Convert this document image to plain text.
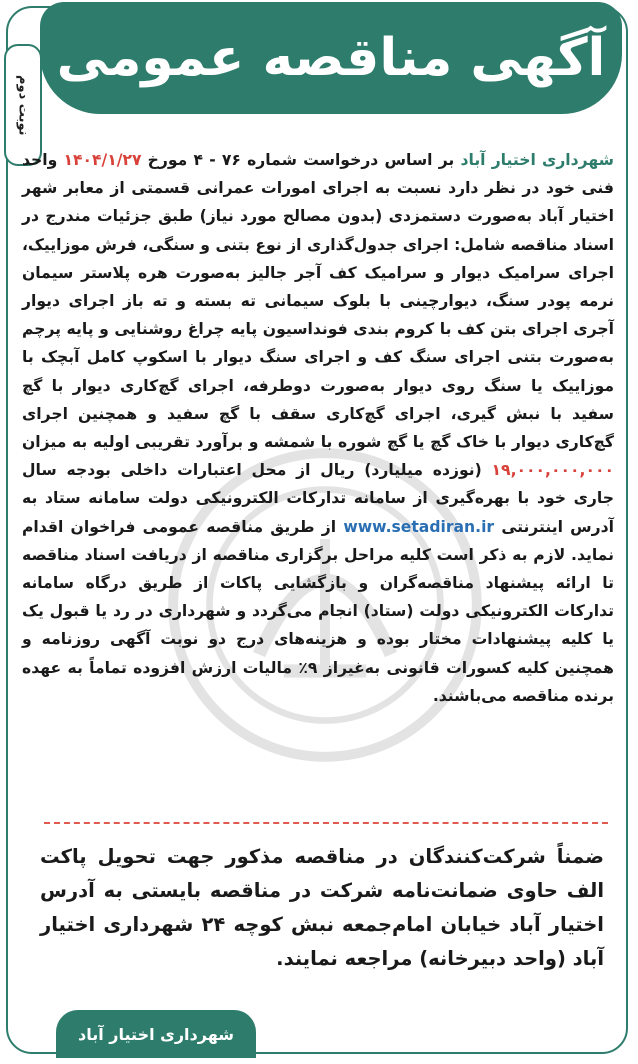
آگهی مناقصه عمومی
نوبت دوم

شهرداری اختیار آباد بر اساس درخواست شماره ۷۶ - ۴ مورخ ۱۴۰۴/۱/۲۷ واحد فنی خود در نظر دارد نسبت به اجرای امورات عمرانی قسمتی از معابر شهر اختیار آباد به‌صورت دستمزدی (بدون مصالح مورد نیاز) طبق جزئیات مندرج در اسناد مناقصه شامل: اجرای جدول‌گذاری از نوع بتنی و سنگی، فرش موزاییک، اجرای سرامیک دیوار و سرامیک کف آجر جالیز به‌صورت هره پلاستر سیمان نرمه پودر سنگ، دیوارچینی با بلوک سیمانی ته بسته و ته باز اجرای دیوار آجری اجرای بتن کف با کروم بندی فونداسیون پایه چراغ روشنایی و پایه پرچم به‌صورت بتنی اجرای سنگ کف و اجرای سنگ دیوار با اسکوپ کامل آبچک با موزاییک یا سنگ روی دیوار به‌صورت دوطرفه، اجرای گچ‌کاری دیوار با گچ سفید با نبش گیری، اجرای گچ‌کاری سقف با گچ سفید و همچنین اجرای گچ‌کاری دیوار با خاک گچ یا گچ شوره با شمشه و برآورد تقریبی اولیه به میزان ۱۹,۰۰۰,۰۰۰,۰۰۰ (نوزده میلیارد) ریال از محل اعتبارات داخلی بودجه سال جاری خود با بهره‌گیری از سامانه تدارکات الکترونیکی دولت سامانه ستاد به آدرس اینترنتی www.setadiran.ir از طریق مناقصه عمومی فراخوان اقدام نماید. لازم به ذکر است کلیه مراحل برگزاری مناقصه از دریافت اسناد مناقصه تا ارائه پیشنهاد مناقصه‌گران و بازگشایی پاکات از طریق درگاه سامانه تدارکات الکترونیکی دولت (ستاد) انجام می‌گردد و شهرداری در رد یا قبول یک یا کلیه پیشنهادات مختار بوده و هزینه‌های درج دو نوبت آگهی روزنامه و همچنین کلیه کسورات قانونی به‌غیراز ۹٪ مالیات ارزش افزوده تماماً به عهده برنده مناقصه می‌باشند.

ضمناً شرکت‌کنندگان در مناقصه مذکور جهت تحویل پاکت الف حاوی ضمانت‌نامه شرکت در مناقصه بایستی به آدرس اختیار آباد خیابان امام‌جمعه نبش کوچه ۲۴ شهرداری اختیار آباد (واحد دبیرخانه) مراجعه نمایند.
شهرداری اختیار آباد
